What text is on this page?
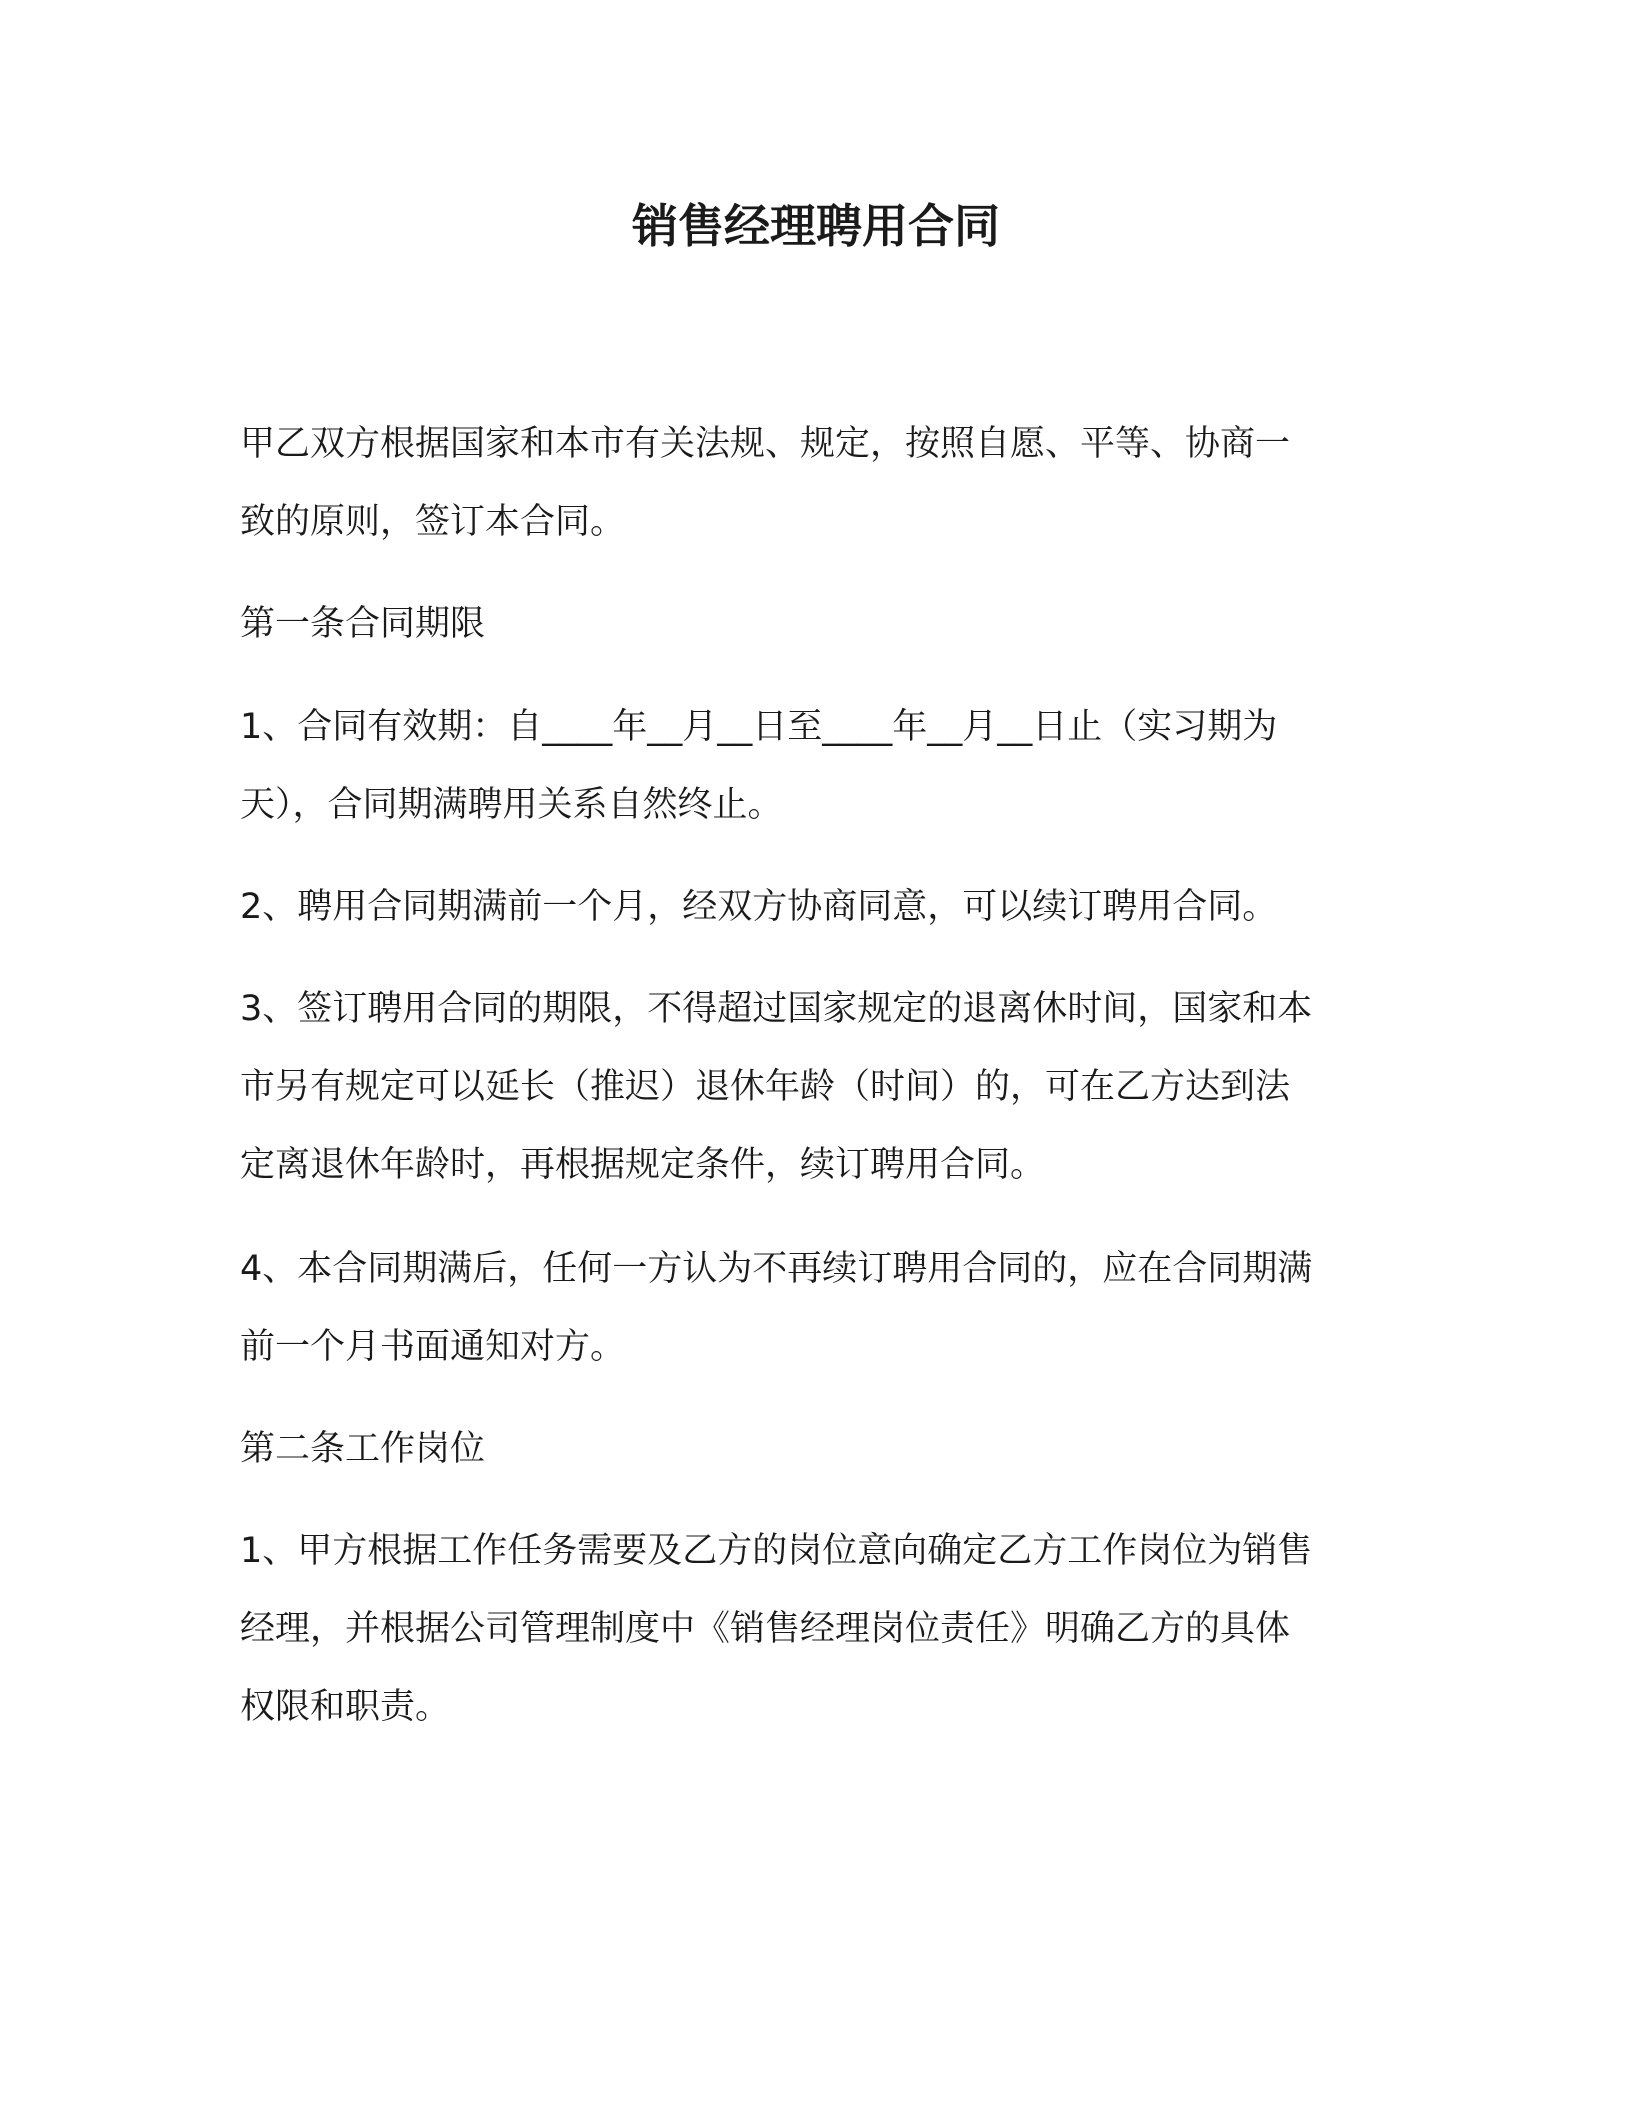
销售经理聘用合同

甲乙双方根据国家和本市有关法规、规定，按照自愿、平等、协商一
致的原则，签订本合同。

第一条合同期限

1、合同有效期：自____年__月__日至____年__月__日止（实习期为
天），合同期满聘用关系自然终止。

2、聘用合同期满前一个月，经双方协商同意，可以续订聘用合同。

3、签订聘用合同的期限，不得超过国家规定的退离休时间，国家和本
市另有规定可以延长（推迟）退休年龄（时间）的，可在乙方达到法
定离退休年龄时，再根据规定条件，续订聘用合同。

4、本合同期满后，任何一方认为不再续订聘用合同的，应在合同期满
前一个月书面通知对方。

第二条工作岗位

1、甲方根据工作任务需要及乙方的岗位意向确定乙方工作岗位为销售
经理，并根据公司管理制度中《销售经理岗位责任》明确乙方的具体
权限和职责。
